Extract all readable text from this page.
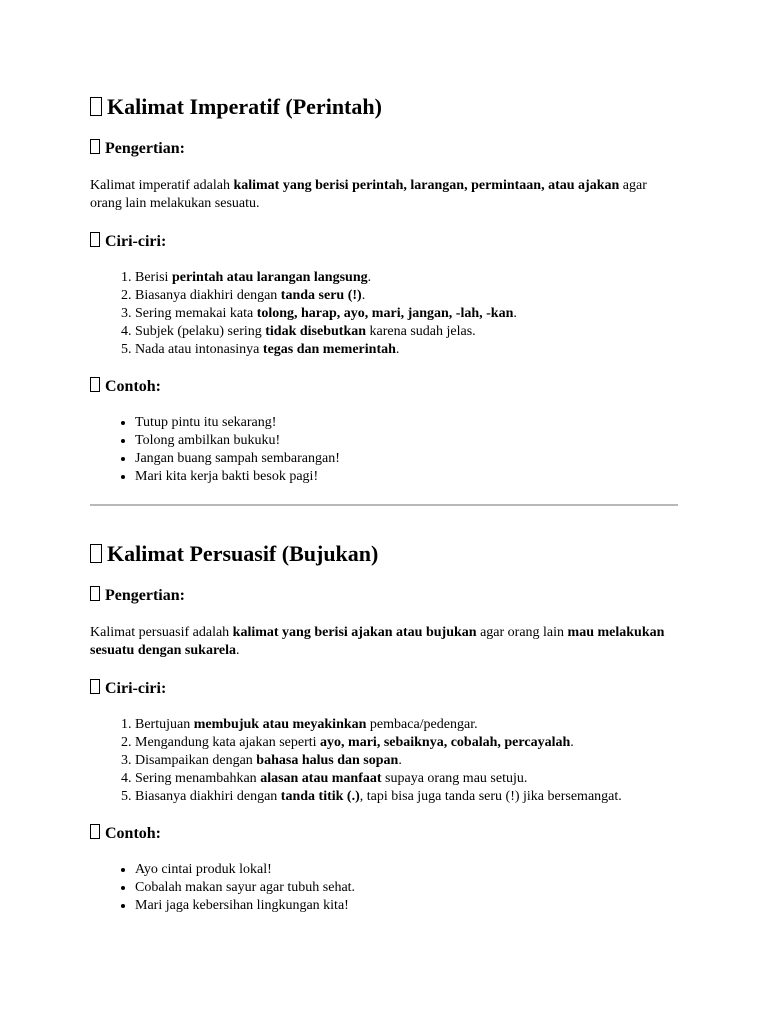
Kalimat Imperatif (Perintah)
Pengertian:

Kalimat imperatif adalah kalimat yang berisi perintah, larangan, permintaan, atau ajakan agar orang lain melakukan sesuatu.

Ciri-ciri:
1. Berisi perintah atau larangan langsung.
2. Biasanya diakhiri dengan tanda seru (!).
3. Sering memakai kata tolong, harap, ayo, mari, jangan, -lah, -kan.
4. Subjek (pelaku) sering tidak disebutkan karena sudah jelas.
5. Nada atau intonasinya tegas dan memerintah.
Contoh:
• Tutup pintu itu sekarang!
• Tolong ambilkan bukuku!
• Jangan buang sampah sembarangan!
• Mari kita kerja bakti besok pagi!
Kalimat Persuasif (Bujukan)
Pengertian:

Kalimat persuasif adalah kalimat yang berisi ajakan atau bujukan agar orang lain mau melakukan sesuatu dengan sukarela.

Ciri-ciri:
1. Bertujuan membujuk atau meyakinkan pembaca/pedengar.
2. Mengandung kata ajakan seperti ayo, mari, sebaiknya, cobalah, percayalah.
3. Disampaikan dengan bahasa halus dan sopan.
4. Sering menambahkan alasan atau manfaat supaya orang mau setuju.
5. Biasanya diakhiri dengan tanda titik (.), tapi bisa juga tanda seru (!) jika bersemangat.
Contoh:
• Ayo cintai produk lokal!
• Cobalah makan sayur agar tubuh sehat.
• Mari jaga kebersihan lingkungan kita!
